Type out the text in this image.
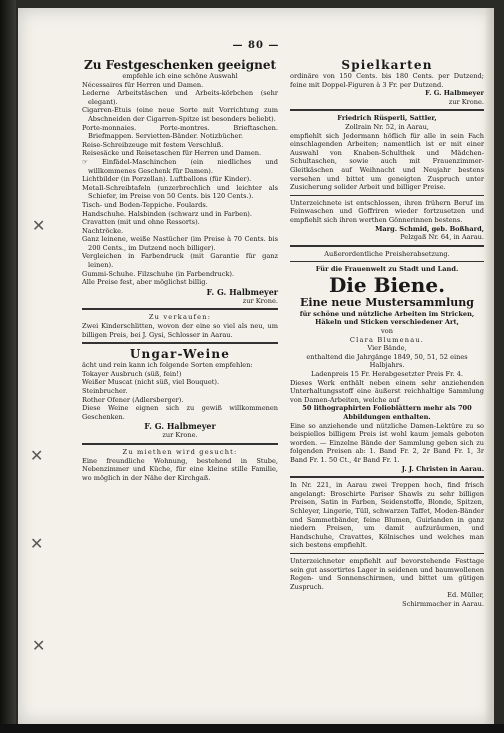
— 80 —
Zu Festgeschenken geeignet
empfehle ich eine schöne Auswahl
Nécessaires für Herren und Damen.
Lederne Arbeitstäschen und Arbeits-körbchen (sehr elegant).
Cigarren-Etuis (eine neue Sorte mit Vorrichtung zum Abschneiden der Cigarren-Spitze ist besonders beliebt).
Porte-monnaies. Porte-montres. Brieftaschen. Briefmappen. Servietten-Bänder. Notizbücher.
Reise-Schreibzeuge mit festem Verschluß.
Reisesäcke und Reisetaschen für Herren und Damen.
☞ Einfädel-Maschinchen (ein niedliches und willkommenes Geschenk für Damen).
Lichtbilder (in Porzellan). Luftballons (für Kinder).
Metall-Schreibtafeln (unzerbrechlich und leichter als Schiefer, im Preise von 50 Cents. bis 120 Cents.).
Tisch- und Boden-Teppiche. Foulards.
Handschuhe. Halsbinden (schwarz und in Farben).
Cravatten (mit und ohne Ressorts).
Nachtröcke.
Ganz leinene, weiße Nastücher (im Preise à 70 Cents. bis 200 Cents., im Dutzend noch billiger).
Vergleichen in Farbendruck (mit Garantie für ganz leinen).
Gummi-Schuhe. Filzschuhe (in Farbendruck).
Alle Preise fest, aber möglichst billig.
F. G. Halbmeyer
zur Krone.
Zu verkaufen:
Zwei Kinderschlitten, wovon der eine so viel als neu, um billigen Preis, bei J. Gysi, Schlosser in Aarau.
Ungar-Weine
ächt und rein kann ich folgende Sorten empfehlen:
Tokayer Ausbruch (süß, fein!)
Weißer Muscat (nicht süß, viel Bouquet).
Steinbrucher.
Rother Ofener (Adlersberger).
Diese Weine eignen sich zu gewiß willkommenen Geschenken.
F. G. Halbmeyer
zur Krone.
Zu miethen wird gesucht:
Eine freundliche Wohnung, bestehend in Stube, Nebenzimmer und Küche, für eine kleine stille Familie, wo möglich in der Nähe der Kirchgaß.
Spielkarten
ordinäre von 150 Cents. bis 180 Cents. per Dutzend; feine mit Doppel-Figuren à 3 Fr. per Dutzend.
F. G. Halbmeyer
zur Krone.
Friedrich Rüsperli, Sattler,
Zollrain Nr. 52, in Aarau,
empfiehlt sich Jedermann höflich für alle in sein Fach einschlagenden Arbeiten; namentlich ist er mit einer Auswahl von Knaben-Schulthek und Mädchen-Schultaschen, sowie auch mit Frauenzimmer-Gleitkäschen auf Weihnacht und Neujahr bestens versehen und bittet um geneigten Zuspruch unter Zusicherung solider Arbeit und billiger Preise.
Unterzeichnete ist entschlossen, ihren frühern Beruf im Feinwaschen und Goffriren wieder fortzusetzen und empfiehlt sich ihren werthen Gönnerinnen bestens.
Marg. Schmid, geb. Boßhard,
Pelzgaß Nr. 64, in Aarau.
Außerordentliche Preisherabsetzung.
Für die Frauenwelt zu Stadt und Land.
Die Biene.
Eine neue Mustersammlung
für schöne und nützliche Arbeiten im Stricken, Häkeln und Sticken verschiedener Art,
von
Clara Blumenau.
Vier Bände,
enthaltend die Jahrgänge 1849, 50, 51, 52 eines Halbjahrs.
Ladenpreis 15 Fr. Herabgesetzter Preis Fr. 4.
Dieses Werk enthält neben einem sehr anziehenden Unterhaltungsstoff eine äußerst reichhaltige Sammlung von Damen-Arbeiten, welche auf
50 lithographirten Folioblättern mehr als 700 Abbildungen enthalten.
Eine so anziehende und nützliche Damen-Lektüre zu so beispiellos billigem Preis ist wohl kaum jemals geboten worden. — Einzelne Bände der Sammlung geben sich zu folgenden Preisen ab: 1. Band Fr. 2, 2r Band Fr. 1, 3r Band Fr. 1. 50 Ct., 4r Band Fr. 1.
J. J. Christen in Aarau.
In Nr. 221, in Aarau zwei Treppen hoch, find frisch angelangt: Broschirte Pariser Shawls zu sehr billigen Preisen, Satin in Farben, Seidenstoffe, Blonde, Spitzen, Schleyer, Lingerie, Tüll, schwarzen Taffet, Moden-Bänder und Sammetbänder, feine Blumen, Guirlanden in ganz niedern Preisen, um damit aufzuräumen, und Handschuhe, Cravattes, Kölnisches und welches man sich bestens empfiehlt.
Unterzeichneter empfiehlt auf bevorstehende Festtage sein gut assortirtes Lager in seidenen und baumwollenen Regen- und Sonnenschirmen, und bittet um gütigen Zuspruch.
Ed. Müller,
Schirmmacher in Aarau.
✕
✕
✕
✕
